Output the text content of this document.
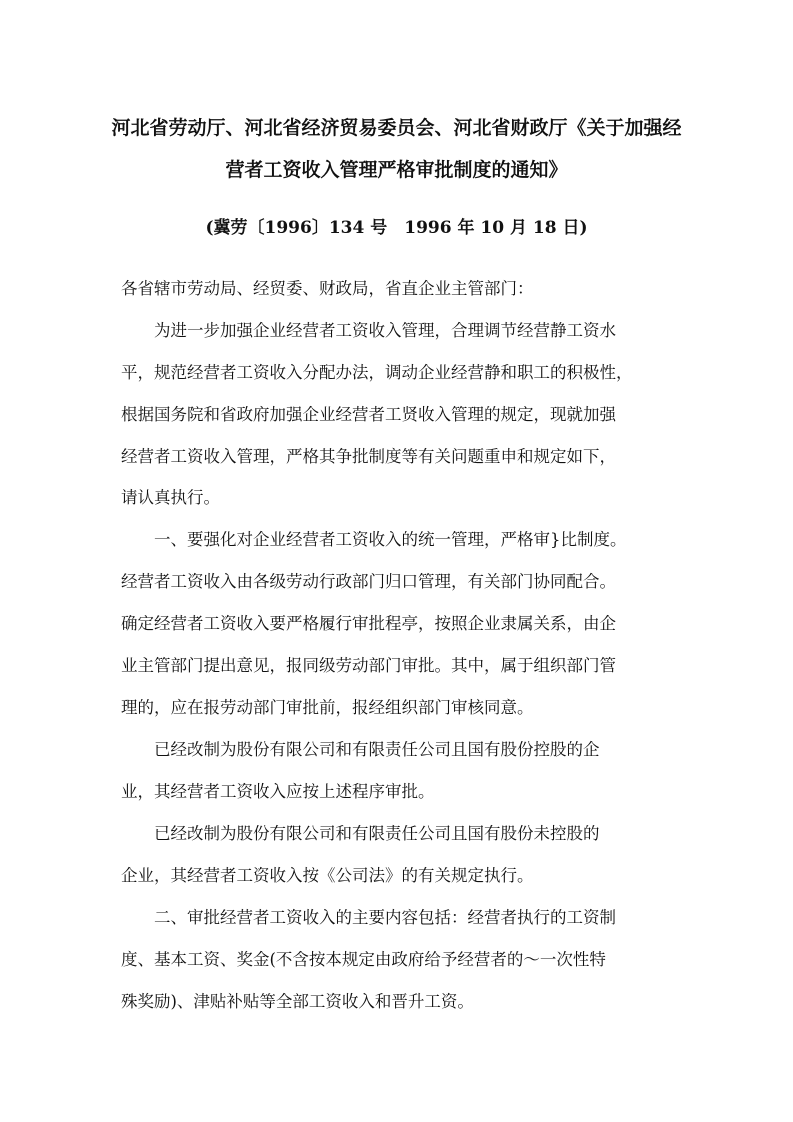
河北省劳动厅、河北省经济贸易委员会、河北省财政厅《关于加强经
营者工资收入管理严格审批制度的通知》
(冀劳〔1996〕134 号　1996 年 10 月 18 日)
各省辖市劳动局、经贸委、财政局，省直企业主管部门：
　　为进一步加强企业经营者工资收入管理，合理调节经营静工资水
平，规范经营者工资收入分配办法，调动企业经营静和职工的积极性，
根据国务院和省政府加强企业经营者工贤收入管理的规定，现就加强
经营者工资收入管理，严格其争批制度等有关问题重申和规定如下，
请认真执行。
　　一、要强化对企业经营者工资收入的统一管理，严格审}比制度。
经营者工资收入由各级劳动行政部门归口管理，有关部门协同配合。
确定经营者工资收入要严格履行审批程亭，按照企业隶属关系，由企
业主管部门提出意见，报同级劳动部门审批。其中，属于组织部门管
理的，应在报劳动部门审批前，报经组织部门审核同意。
　　已经改制为股份有限公司和有限责任公司且国有股份控股的企
业，其经营者工资收入应按上述程序审批。
　　已经改制为股份有限公司和有限责任公司且国有股份未控股的
企业，其经营者工资收入按《公司法》的有关规定执行。
　　二、审批经营者工资收入的主要内容包括：经营者执行的工资制
度、基本工资、奖金(不含按本规定由政府给予经营者的～一次性特
殊奖励)、津贴补贴等全部工资收入和晋升工资。
